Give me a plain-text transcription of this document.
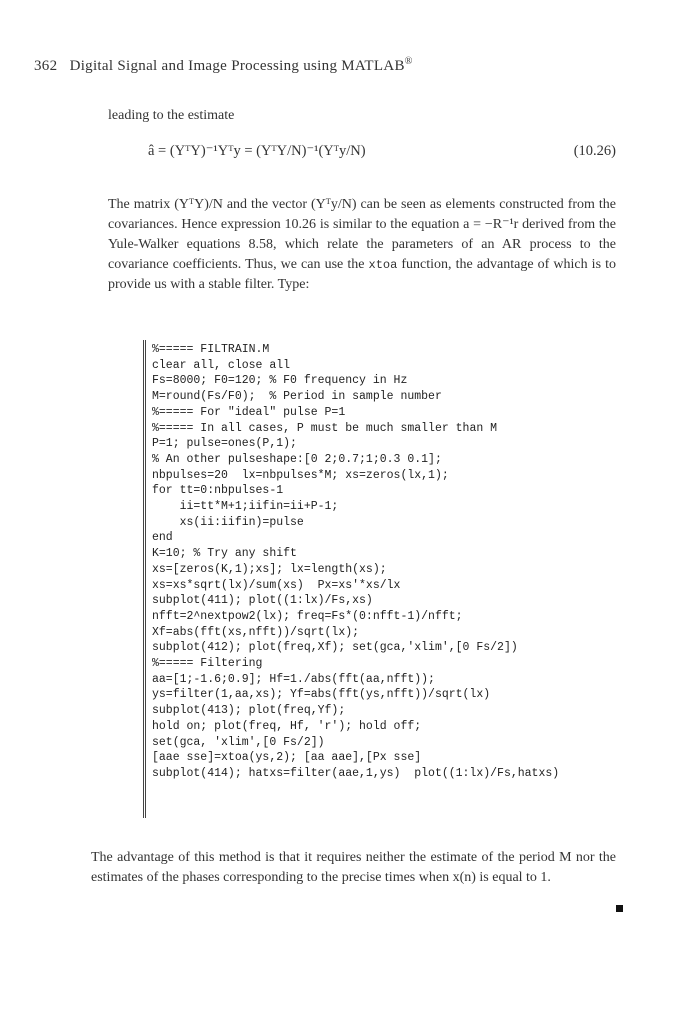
362 Digital Signal and Image Processing using MATLAB®
leading to the estimate
â = (YᵀY)⁻¹Yᵀy = (YᵀY/N)⁻¹(Yᵀy/N)	(10.26)

The matrix (YᵀY)/N and the vector (Yᵀy/N) can be seen as elements constructed from the covariances. Hence expression 10.26 is similar to the equation a = −R⁻¹r derived from the Yule-Walker equations 8.58, which relate the parameters of an AR process to the covariance coefficients. Thus, we can use the xtoa function, the advantage of which is to provide us with a stable filter. Type:

%===== FILTRAIN.M
clear all, close all
Fs=8000; F0=120; % F0 frequency in Hz
M=round(Fs/F0);  % Period in sample number
%===== For "ideal" pulse P=1
%===== In all cases, P must be much smaller than M
P=1; pulse=ones(P,1);
% An other pulseshape:[0 2;0.7;1;0.3 0.1];
nbpulses=20  lx=nbpulses*M; xs=zeros(lx,1);
for tt=0:nbpulses-1
ii=tt*M+1;iifin=ii+P-1;
xs(ii:iifin)=pulse
end
K=10; % Try any shift
xs=[zeros(K,1);xs]; lx=length(xs);
xs=xs*sqrt(lx)/sum(xs)  Px=xs'*xs/lx
subplot(411); plot((1:lx)/Fs,xs)
nfft=2^nextpow2(lx); freq=Fs*(0:nfft-1)/nfft;
Xf=abs(fft(xs,nfft))/sqrt(lx);
subplot(412); plot(freq,Xf); set(gca,'xlim',[0 Fs/2])
%===== Filtering
aa=[1;-1.6;0.9]; Hf=1./abs(fft(aa,nfft));
ys=filter(1,aa,xs); Yf=abs(fft(ys,nfft))/sqrt(lx)
subplot(413); plot(freq,Yf);
hold on; plot(freq, Hf, 'r'); hold off;
set(gca, 'xlim',[0 Fs/2])
[aae sse]=xtoa(ys,2); [aa aae],[Px sse]
subplot(414); hatxs=filter(aae,1,ys)  plot((1:lx)/Fs,hatxs)

The advantage of this method is that it requires neither the estimate of the period M nor the estimates of the phases corresponding to the precise times when x(n) is equal to 1.
